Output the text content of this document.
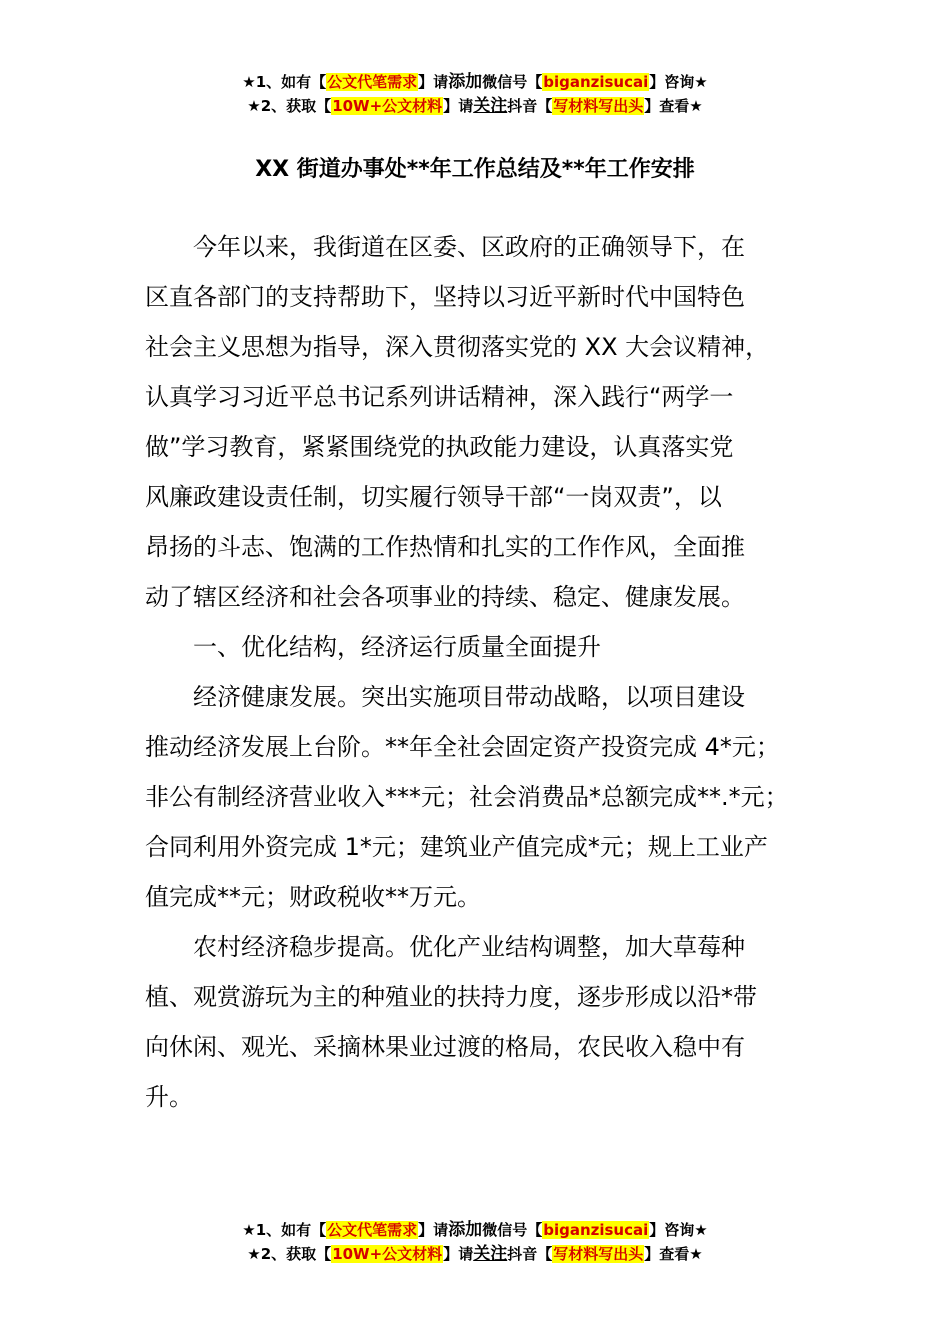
★1、如有【公文代笔需求】请添加微信号【biganzisucai】咨询★
★2、获取【10W+公文材料】请关注抖音【写材料写出头】查看★
XX 街道办事处**年工作总结及**年工作安排
今年以来，我街道在区委、区政府的正确领导下，在
区直各部门的支持帮助下，坚持以习近平新时代中国特色
社会主义思想为指导，深入贯彻落实党的 XX 大会议精神，
认真学习习近平总书记系列讲话精神，深入践行“两学一
做”学习教育，紧紧围绕党的执政能力建设，认真落实党
风廉政建设责任制，切实履行领导干部“一岗双责”，以
昂扬的斗志、饱满的工作热情和扎实的工作作风，全面推
动了辖区经济和社会各项事业的持续、稳定、健康发展。
一、优化结构，经济运行质量全面提升
经济健康发展。突出实施项目带动战略，以项目建设
推动经济发展上台阶。**年全社会固定资产投资完成 4*元；
非公有制经济营业收入***元；社会消费品*总额完成**.*元；
合同利用外资完成 1*元；建筑业产值完成*元；规上工业产
值完成**元；财政税收**万元。
农村经济稳步提高。优化产业结构调整，加大草莓种
植、观赏游玩为主的种殖业的扶持力度，逐步形成以沿*带
向休闲、观光、采摘林果业过渡的格局，农民收入稳中有
升。
★1、如有【公文代笔需求】请添加微信号【biganzisucai】咨询★
★2、获取【10W+公文材料】请关注抖音【写材料写出头】查看★
